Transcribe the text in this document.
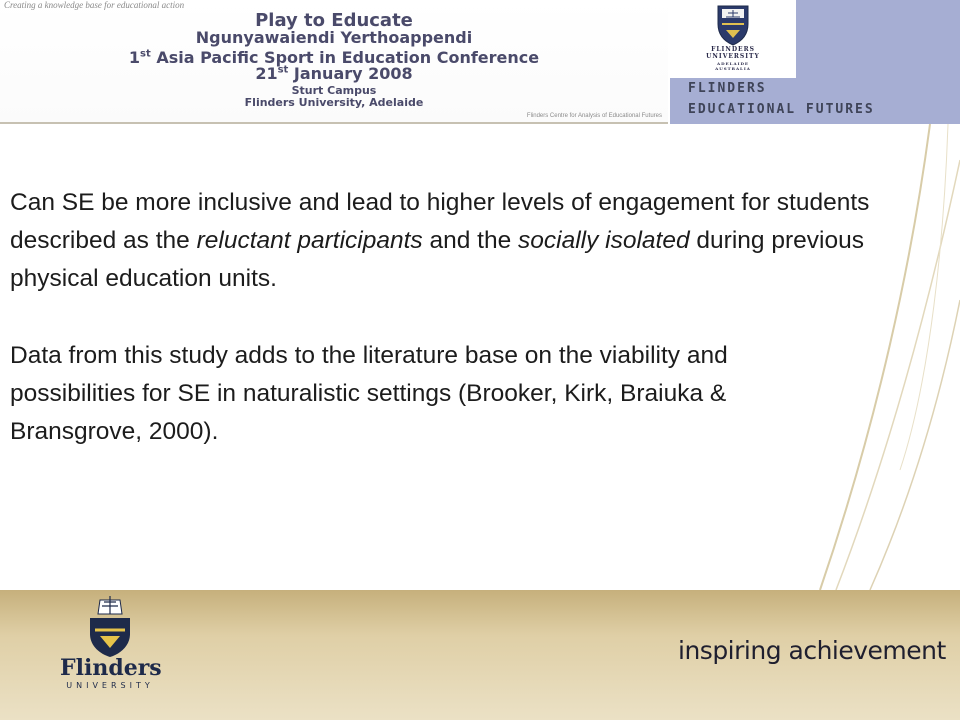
Creating a knowledge base for educational action
Play to Educate
Ngunyawaiendi Yerthoappendi
1st Asia Pacific Sport in Education Conference
21st January 2008
Sturt Campus
Flinders University, Adelaide
Flinders Centre for Analysis of Educational Futures
FLINDERS
UNIVERSITY
ADELAIDE
AUSTRALIA
FLINDERS
EDUCATIONAL FUTURES

Can SE be more inclusive and lead to higher levels of engagement for students described as the reluctant participants and the socially isolated during previous physical education units.

Data from this study adds to the literature base on the viability and possibilities for SE in naturalistic settings (Brooker, Kirk, Braiuka & Bransgrove, 2000).

Flinders
UNIVERSITY
inspiring achievement
